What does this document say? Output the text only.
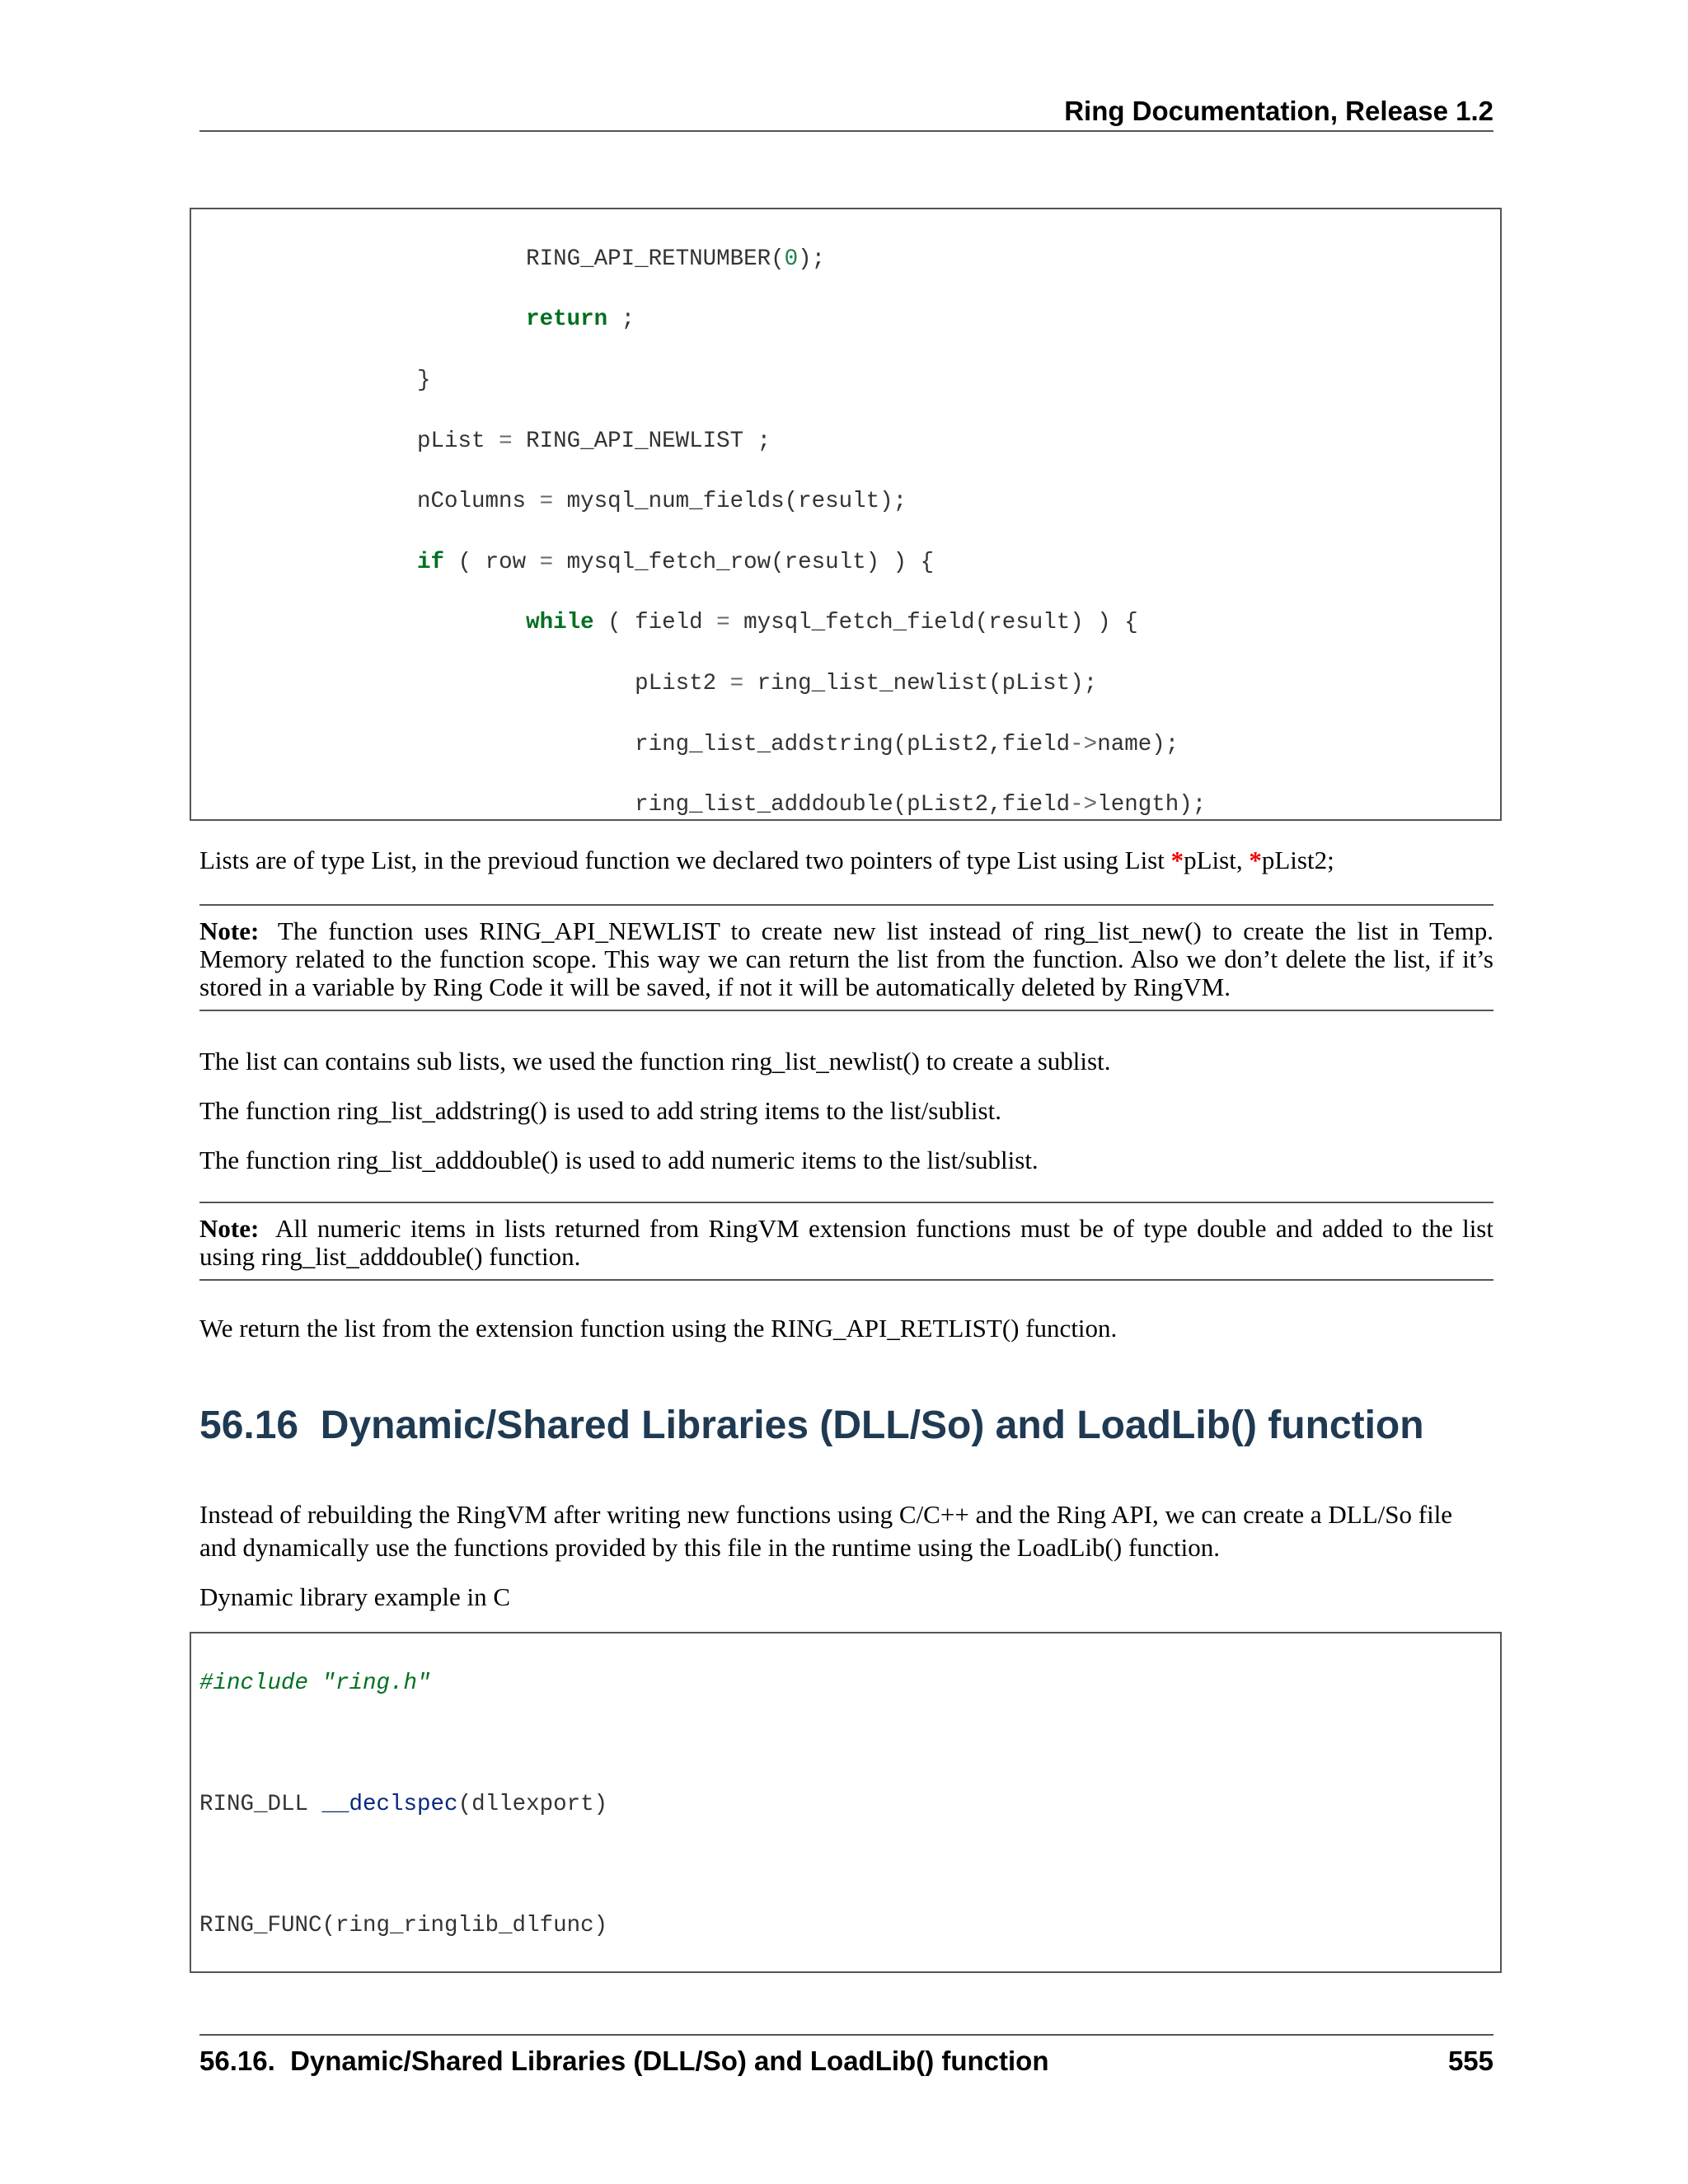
Ring Documentation, Release 1.2

RING_API_RETNUMBER(0);

return ;

}

pList = RING_API_NEWLIST ;

nColumns = mysql_num_fields(result);

if ( row = mysql_fetch_row(result) ) {

while ( field = mysql_fetch_field(result) ) {

pList2 = ring_list_newlist(pList);

ring_list_addstring(pList2,field->name);

ring_list_adddouble(pList2,field->length);

Lists are of type List, in the previoud function we declared two pointers of type List using List *pList, *pList2;
Note: The function uses RING_API_NEWLIST to create new list instead of ring_list_new() to create the list in Temp. Memory related to the function scope. This way we can return the list from the function. Also we don’t delete the list, if it’s stored in a variable by Ring Code it will be saved, if not it will be automatically deleted by RingVM.
The list can contains sub lists, we used the function ring_list_newlist() to create a sublist.
The function ring_list_addstring() is used to add string items to the list/sublist.
The function ring_list_adddouble() is used to add numeric items to the list/sublist.
Note: All numeric items in lists returned from RingVM extension functions must be of type double and added to the list using ring_list_adddouble() function.
We return the list from the extension function using the RING_API_RETLIST() function.
56.16  Dynamic/Shared Libraries (DLL/So) and LoadLib() function
Instead of rebuilding the RingVM after writing new functions using C/C++ and the Ring API, we can create a DLL/So file and dynamically use the functions provided by this file in the runtime using the LoadLib() function.
Dynamic library example in C

#include "ring.h"

RING_DLL __declspec(dllexport)

RING_FUNC(ring_ringlib_dlfunc)

56.16.  Dynamic/Shared Libraries (DLL/So) and LoadLib() function	555
